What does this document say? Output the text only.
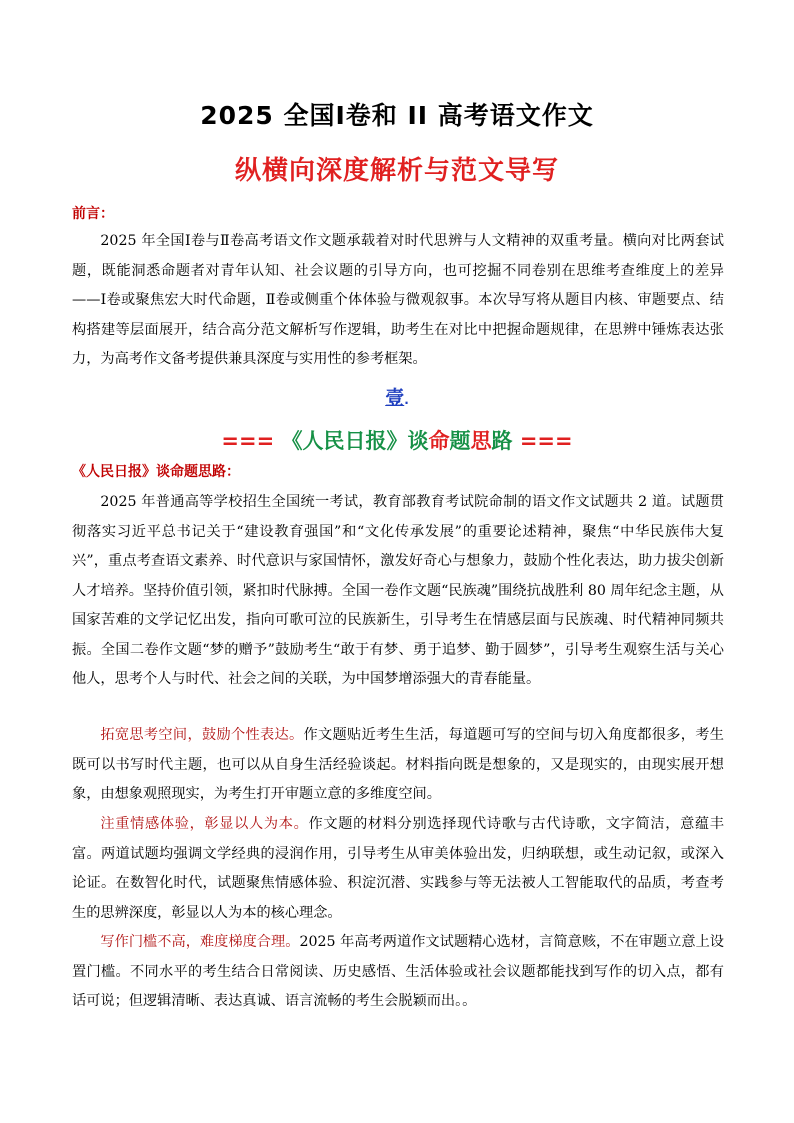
2025 全国Ⅰ卷和 II 高考语文作文
纵横向深度解析与范文导写
前言：
2025 年全国Ⅰ卷与Ⅱ卷高考语文作文题承载着对时代思辨与人文精神的双重考量。横向对比两套试题，既能洞悉命题者对青年认知、社会议题的引导方向，也可挖掘不同卷别在思维考查维度上的差异——Ⅰ卷或聚焦宏大时代命题，Ⅱ卷或侧重个体体验与微观叙事。本次导写将从题目内核、审题要点、结构搭建等层面展开，结合高分范文解析写作逻辑，助考生在对比中把握命题规律，在思辨中锤炼表达张力，为高考作文备考提供兼具深度与实用性的参考框架。
壹.
=== 《人民日报》谈命题思路 ===
《人民日报》谈命题思路：
2025 年普通高等学校招生全国统一考试，教育部教育考试院命制的语文作文试题共 2 道。试题贯彻落实习近平总书记关于“建设教育强国”和“文化传承发展”的重要论述精神，聚焦“中华民族伟大复兴”，重点考查语文素养、时代意识与家国情怀，激发好奇心与想象力，鼓励个性化表达，助力拔尖创新人才培养。坚持价值引领，紧扣时代脉搏。全国一卷作文题“民族魂”围绕抗战胜利 80 周年纪念主题，从国家苦难的文学记忆出发，指向可歌可泣的民族新生，引导考生在情感层面与民族魂、时代精神同频共振。全国二卷作文题“梦的赠予”鼓励考生“敢于有梦、勇于追梦、勤于圆梦”，引导考生观察生活与关心他人，思考个人与时代、社会之间的关联，为中国梦增添强大的青春能量。
拓宽思考空间，鼓励个性表达。作文题贴近考生生活，每道题可写的空间与切入角度都很多，考生既可以书写时代主题，也可以从自身生活经验谈起。材料指向既是想象的，又是现实的，由现实展开想象，由想象观照现实，为考生打开审题立意的多维度空间。
注重情感体验，彰显以人为本。作文题的材料分别选择现代诗歌与古代诗歌，文字简洁，意蕴丰富。两道试题均强调文学经典的浸润作用，引导考生从审美体验出发，归纳联想，或生动记叙，或深入论证。在数智化时代，试题聚焦情感体验、积淀沉潜、实践参与等无法被人工智能取代的品质，考查考生的思辨深度，彰显以人为本的核心理念。
写作门槛不高，难度梯度合理。2025 年高考两道作文试题精心选材，言简意赅，不在审题立意上设置门槛。不同水平的考生结合日常阅读、历史感悟、生活体验或社会议题都能找到写作的切入点，都有话可说；但逻辑清晰、表达真诚、语言流畅的考生会脱颖而出。。
